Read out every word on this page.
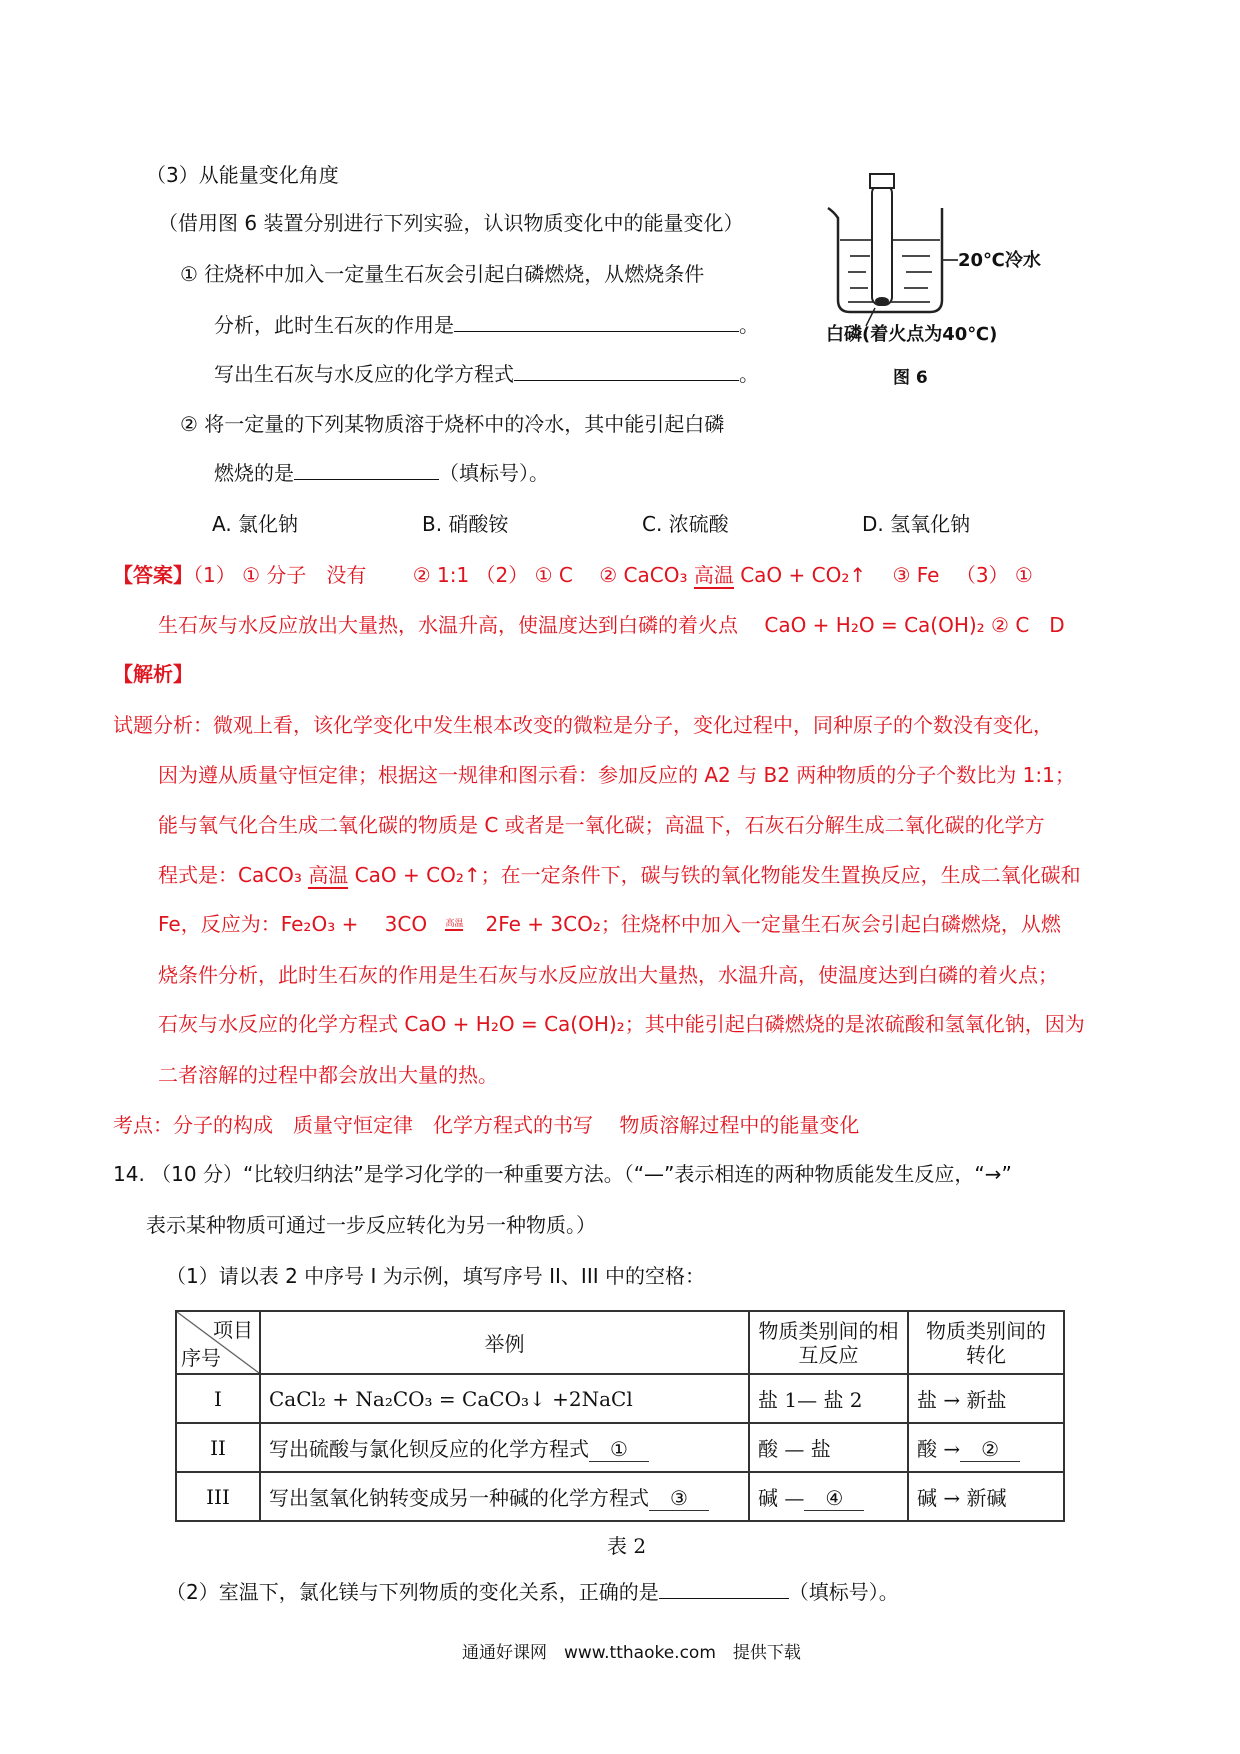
（3）从能量变化角度
（借用图 6 装置分别进行下列实验，认识物质变化中的能量变化）
① 往烧杯中加入一定量生石灰会引起白磷燃烧，从燃烧条件
分析，此时生石灰的作用是	。
写出生石灰与水反应的化学方程式	。
② 将一定量的下列某物质溶于烧杯中的冷水，其中能引起白磷
燃烧的是	（填标号）。
A. 氯化钠	B. 硝酸铵	C. 浓硫酸	D. 氢氧化钠
20℃冷水
白磷(着火点为40℃)
图 6
【答案】（1） ① 分子　没有　　 ② 1:1 （2） ① C 　② CaCO₃ 高温 CaO + CO₂↑ 　③ Fe 　（3） ①
生石灰与水反应放出大量热，水温升高，使温度达到白磷的着火点　 CaO + H₂O = Ca(OH)₂ ② C　D
【解析】
试题分析：微观上看，该化学变化中发生根本改变的微粒是分子，变化过程中，同种原子的个数没有变化，
因为遵从质量守恒定律；根据这一规律和图示看：参加反应的 A2 与 B2 两种物质的分子个数比为 1:1；
能与氧气化合生成二氧化碳的物质是 C 或者是一氧化碳；高温下，石灰石分解生成二氧化碳的化学方
程式是：CaCO₃ 高温 CaO + CO₂↑；在一定条件下，碳与铁的氧化物能发生置换反应，生成二氧化碳和
Fe，反应为：Fe₂O₃ +　 3CO $^{高温}$ 2Fe + 3CO₂；往烧杯中加入一定量生石灰会引起白磷燃烧，从燃
烧条件分析，此时生石灰的作用是生石灰与水反应放出大量热，水温升高，使温度达到白磷的着火点；
石灰与水反应的化学方程式 CaO + H₂O = Ca(OH)₂；其中能引起白磷燃烧的是浓硫酸和氢氧化钠，因为
二者溶解的过程中都会放出大量的热。
考点：分子的构成　质量守恒定律　化学方程式的书写　 物质溶解过程中的能量变化
14. （10 分）“比较归纳法”是学习化学的一种重要方法。（“—”表示相连的两种物质能发生反应，“→”
表示某种物质可通过一步反应转化为另一种物质。）
（1）请以表 2 中序号 I 为示例，填写序号 II、III 中的空格：
项目
序号	举例	物质类别间的相互反应	物质类别间的转化
I	CaCl₂ + Na₂CO₃ = CaCO₃↓ +2NaCl	盐 1— 盐 2	盐 → 新盐
II	写出硫酸与氯化钡反应的化学方程式 ①	酸 — 盐	酸 → ②
III	写出氢氧化钠转变成另一种碱的化学方程式 ③	碱 — ④	碱 → 新碱
表 2
（2）室温下，氯化镁与下列物质的变化关系，正确的是	（填标号）。
通通好课网　www.tthaoke.com　提供下载
